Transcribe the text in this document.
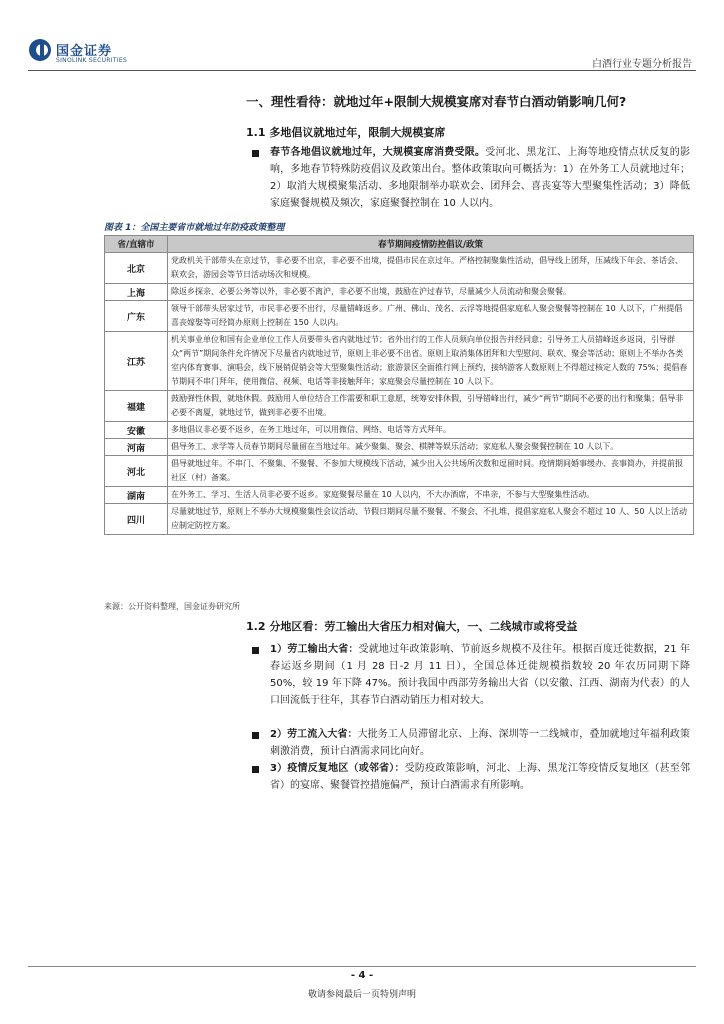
国金证券
SINOLINK SECURITIES	白酒行业专题分析报告
一、理性看待：就地过年+限制大规模宴席对春节白酒动销影响几何?
1.1 多地倡议就地过年，限制大规模宴席
春节各地倡议就地过年，大规模宴席消费受限。受河北、黑龙江、上海等地疫情点状反复的影响，多地春节特殊防疫倡议及政策出台。整体政策取向可概括为：1）在外务工人员就地过年；2）取消大规模聚集活动、多地限制举办联欢会、团拜会、喜丧宴等大型聚集性活动；3）降低家庭聚餐规模及频次，家庭聚餐控制在 10 人以内。
图表 1：全国主要省市就地过年防疫政策整理
省/直辖市	春节期间疫情防控倡议/政策
北京	党政机关干部带头在京过节，非必要不出京，非必要不出境，提倡市民在京过年。严格控制聚集性活动，倡导线上团拜，压减线下年会、茶话会、联欢会，游园会等节日活动场次和规模。
上海	除返乡探亲、必要公务等以外，非必要不离沪，非必要不出境，鼓励在沪过春节，尽量减少人员流动和聚会聚餐。
广东	领导干部带头居家过节，市民非必要不出行，尽量错峰返乡。广州、佛山、茂名、云浮等地提倡家庭私人聚会聚餐等控制在 10 人以下，广州提倡喜丧嫁娶等可经简办原则上控制在 150 人以内。
江苏	机关事业单位和国有企业单位工作人员要带头省内就地过节；省外出行的工作人员须向单位报告并经同意；引导务工人员错峰返乡返岗，引导群众“两节”期间条件允许情况下尽量省内就地过节，原则上非必要不出省。原则上取消集体团拜和大型慰问、联欢、聚会等活动；原则上不举办各类室内体育赛事、演唱会，线下展销促销会等大型聚集性活动；旅游景区全面推行网上预约，接纳游客人数原则上不得超过核定人数的 75%；提倡春节期间不串门拜年，使用微信、视频、电话等非接触拜年；家庭聚会尽量控制在 10 人以下。
福建	鼓励弹性休假，就地休假。鼓励用人单位结合工作需要和职工意愿，统筹安排休假，引导错峰出行，减少“两节”期间不必要的出行和聚集；倡导非必要不离厦，就地过节，做到非必要不出境。
安徽	多地倡议非必要不返乡，在务工地过年，可以用微信、网络、电话等方式拜年。
河南	倡导务工、求学等人员春节期间尽量留在当地过年。减少聚集、聚会、棋牌等娱乐活动；家庭私人聚会聚餐控制在 10 人以下。
河北	倡导就地过年。不串门、不聚集、不聚餐、不参加大规模线下活动，减少出入公共场所次数和逗留时间。疫情期间婚事缓办、丧事简办，并提前报社区（村）备案。
湖南	在外务工、学习、生活人员非必要不返乡。家庭聚餐尽量在 10 人以内，不大办酒席，不串亲，不参与大型聚集性活动。
四川	尽量就地过节，原则上不举办大规模聚集性会议活动、节假日期间尽量不聚餐、不聚会、不扎堆，提倡家庭私人聚会不超过 10 人、50 人以上活动应制定防控方案。
来源：公开资料整理，国金证券研究所
1.2 分地区看：劳工输出大省压力相对偏大，一、二线城市或将受益
1）劳工输出大省：受就地过年政策影响、节前返乡规模不及往年。根据百度迁徙数据，21 年春运返乡期间（1 月 28 日-2 月 11 日），全国总体迁徙规模指数较 20 年农历同期下降 50%，较 19 年下降 47%。预计我国中西部劳务输出大省（以安徽、江西、湖南为代表）的人口回流低于往年，其春节白酒动销压力相对较大。
2）劳工流入大省：大批务工人员滞留北京、上海、深圳等一二线城市，叠加就地过年福利政策刺激消费，预计白酒需求同比向好。
3）疫情反复地区（或邻省）：受防疫政策影响，河北、上海、黑龙江等疫情反复地区（甚至邻省）的宴席、聚餐管控措施偏严，预计白酒需求有所影响。
- 4 -
敬请参阅最后一页特别声明
